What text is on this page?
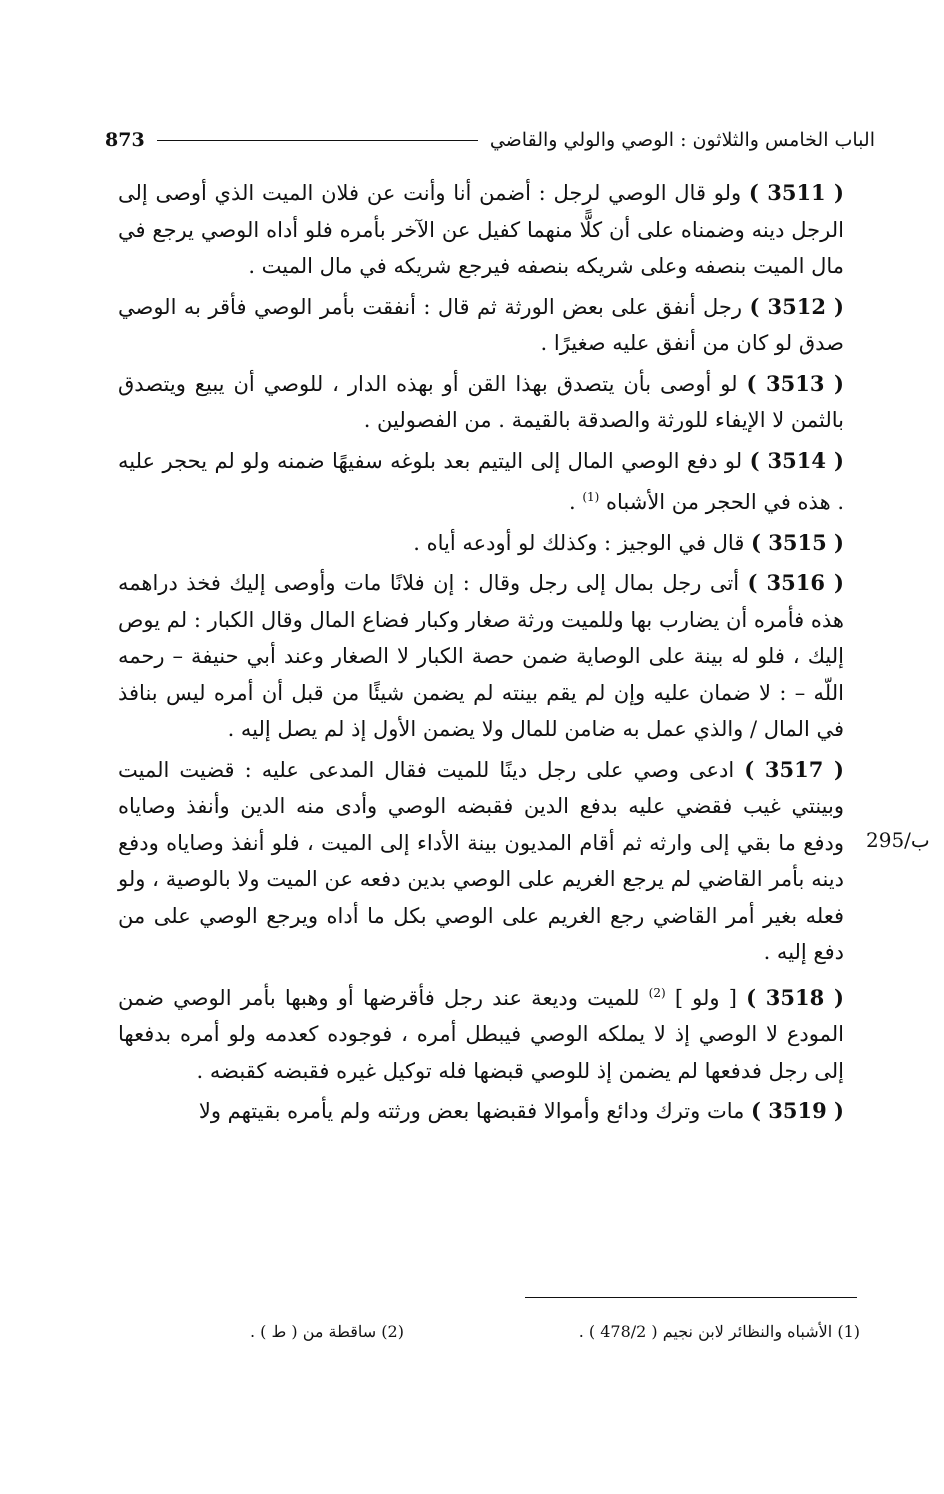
الباب الخامس والثلاثون : الوصي والولي والقاضي
873

( 3511 ) ولو قال الوصي لرجل : أضمن أنا وأنت عن فلان الميت الذي أوصى إلى الرجل دينه وضمناه على أن كلًّا منهما كفيل عن الآخر بأمره فلو أداه الوصي يرجع في مال الميت بنصفه وعلى شريكه بنصفه فيرجع شريكه في مال الميت .

( 3512 ) رجل أنفق على بعض الورثة ثم قال : أنفقت بأمر الوصي فأقر به الوصي صدق لو كان من أنفق عليه صغيرًا .

( 3513 ) لو أوصى بأن يتصدق بهذا القن أو بهذه الدار ، للوصي أن يبيع ويتصدق بالثمن لا الإيفاء للورثة والصدقة بالقيمة . من الفصولين .

( 3514 ) لو دفع الوصي المال إلى اليتيم بعد بلوغه سفيهًا ضمنه ولو لم يحجر عليه . هذه في الحجر من الأشباه $^{(1)}$ .

( 3515 ) قال في الوجيز : وكذلك لو أودعه أياه .

( 3516 ) أتى رجل بمال إلى رجل وقال : إن فلانًا مات وأوصى إليك فخذ دراهمه هذه فأمره أن يضارب بها وللميت ورثة صغار وكبار فضاع المال وقال الكبار : لم يوص إليك ، فلو له بينة على الوصاية ضمن حصة الكبار لا الصغار وعند أبي حنيفة – رحمه اللّه – : لا ضمان عليه وإن لم يقم بينته لم يضمن شيئًا من قبل أن أمره ليس بنافذ في المال / والذي عمل به ضامن للمال ولا يضمن الأول إذ لم يصل إليه .

( 3517 ) ادعى وصي على رجل دينًا للميت فقال المدعى عليه : قضيت الميت وبينتي غيب فقضي عليه بدفع الدين فقبضه الوصي وأدى منه الدين وأنفذ وصاياه ودفع ما بقي إلى وارثه ثم أقام المديون بينة الأداء إلى الميت ، فلو أنفذ وصاياه ودفع دينه بأمر القاضي لم يرجع الغريم على الوصي بدين دفعه عن الميت ولا بالوصية ، ولو فعله بغير أمر القاضي رجع الغريم على الوصي بكل ما أداه ويرجع الوصي على من دفع إليه .

( 3518 ) [ ولو ] $^{(2)}$ للميت وديعة عند رجل فأقرضها أو وهبها بأمر الوصي ضمن المودع لا الوصي إذ لا يملكه الوصي فيبطل أمره ، فوجوده كعدمه ولو أمره بدفعها إلى رجل فدفعها لم يضمن إذ للوصي قبضها فله توكيل غيره فقبضه كقبضه .

( 3519 ) مات وترك ودائع وأموالا فقبضها بعض ورثته ولم يأمره بقيتهم ولا

295/ب
(1) الأشباه والنظائر لابن نجيم ( 478/2 ) .
(2) ساقطة من ( ط ) .
